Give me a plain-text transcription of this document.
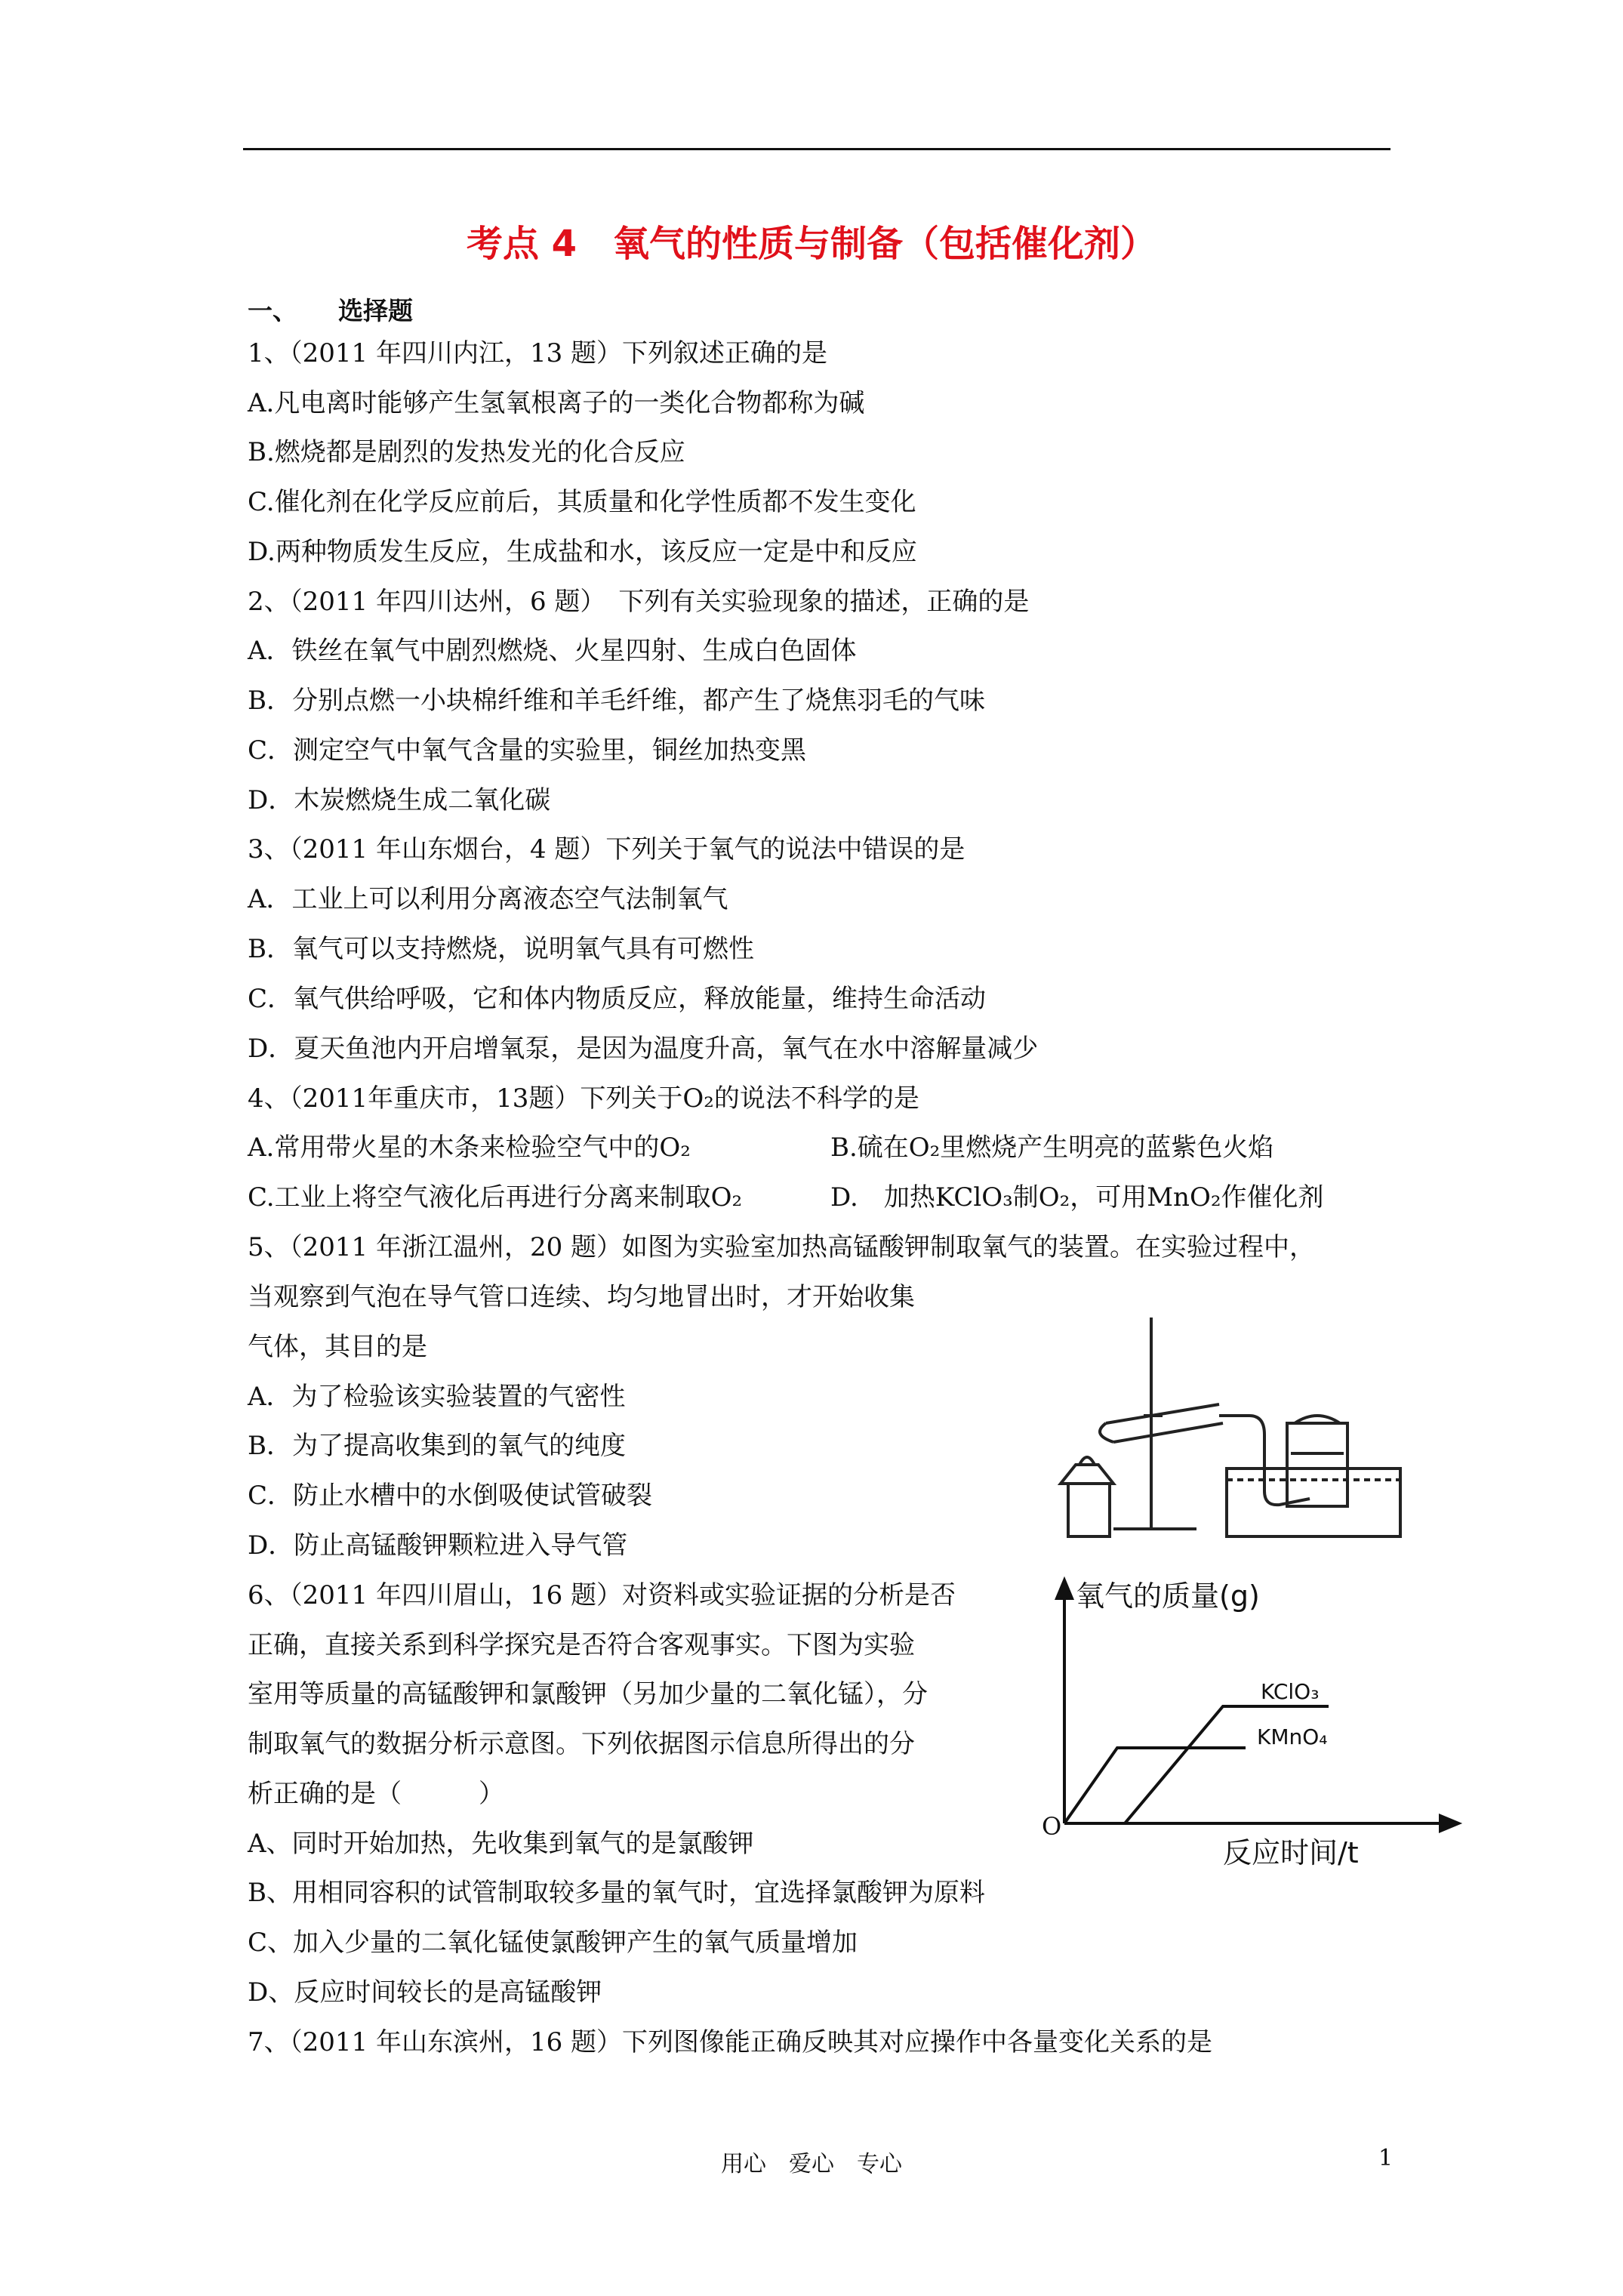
考点 4　氧气的性质与制备（包括催化剂）
一、 选择题
1、（2011 年四川内江，13 题）下列叙述正确的是
A.凡电离时能够产生氢氧根离子的一类化合物都称为碱
B.燃烧都是剧烈的发热发光的化合反应
C.催化剂在化学反应前后，其质量和化学性质都不发生变化
D.两种物质发生反应，生成盐和水，该反应一定是中和反应
2、（2011 年四川达州，6 题）　下列有关实验现象的描述，正确的是
A．铁丝在氧气中剧烈燃烧、火星四射、生成白色固体
B．分别点燃一小块棉纤维和羊毛纤维，都产生了烧焦羽毛的气味
C．测定空气中氧气含量的实验里，铜丝加热变黑
D．木炭燃烧生成二氧化碳
3、（2011 年山东烟台，4 题）下列关于氧气的说法中错误的是
A．工业上可以利用分离液态空气法制氧气
B．氧气可以支持燃烧，说明氧气具有可燃性
C．氧气供给呼吸，它和体内物质反应，释放能量，维持生命活动
D．夏天鱼池内开启增氧泵，是因为温度升高，氧气在水中溶解量减少
4、（2011年重庆市，13题）下列关于O₂的说法不科学的是
A.常用带火星的木条来检验空气中的O₂	B.硫在O₂里燃烧产生明亮的蓝紫色火焰
C.工业上将空气液化后再进行分离来制取O₂	D.　加热KClO₃制O₂，可用MnO₂作催化剂
5、（2011 年浙江温州，20 题）如图为实验室加热高锰酸钾制取氧气的装置。在实验过程中，
当观察到气泡在导气管口连续、均匀地冒出时，才开始收集
气体，其目的是
A．为了检验该实验装置的气密性
B．为了提高收集到的氧气的纯度
C．防止水槽中的水倒吸使试管破裂
D．防止高锰酸钾颗粒进入导气管
6、（2011 年四川眉山，16 题）对资料或实验证据的分析是否
正确，直接关系到科学探究是否符合客观事实。下图为实验
室用等质量的高锰酸钾和氯酸钾（另加少量的二氧化锰），分
制取氧气的数据分析示意图。下列依据图示信息所得出的分
析正确的是（　　　）
A、同时开始加热，先收集到氧气的是氯酸钾
B、用相同容积的试管制取较多量的氧气时，宜选择氯酸钾为原料
C、加入少量的二氧化锰使氯酸钾产生的氧气质量增加
D、反应时间较长的是高锰酸钾
7、（2011 年山东滨州，16 题）下列图像能正确反映其对应操作中各量变化关系的是
氧气的质量(g)
KClO₃
KMnO₄
O
反应时间/t
用心　爱心　专心	1
